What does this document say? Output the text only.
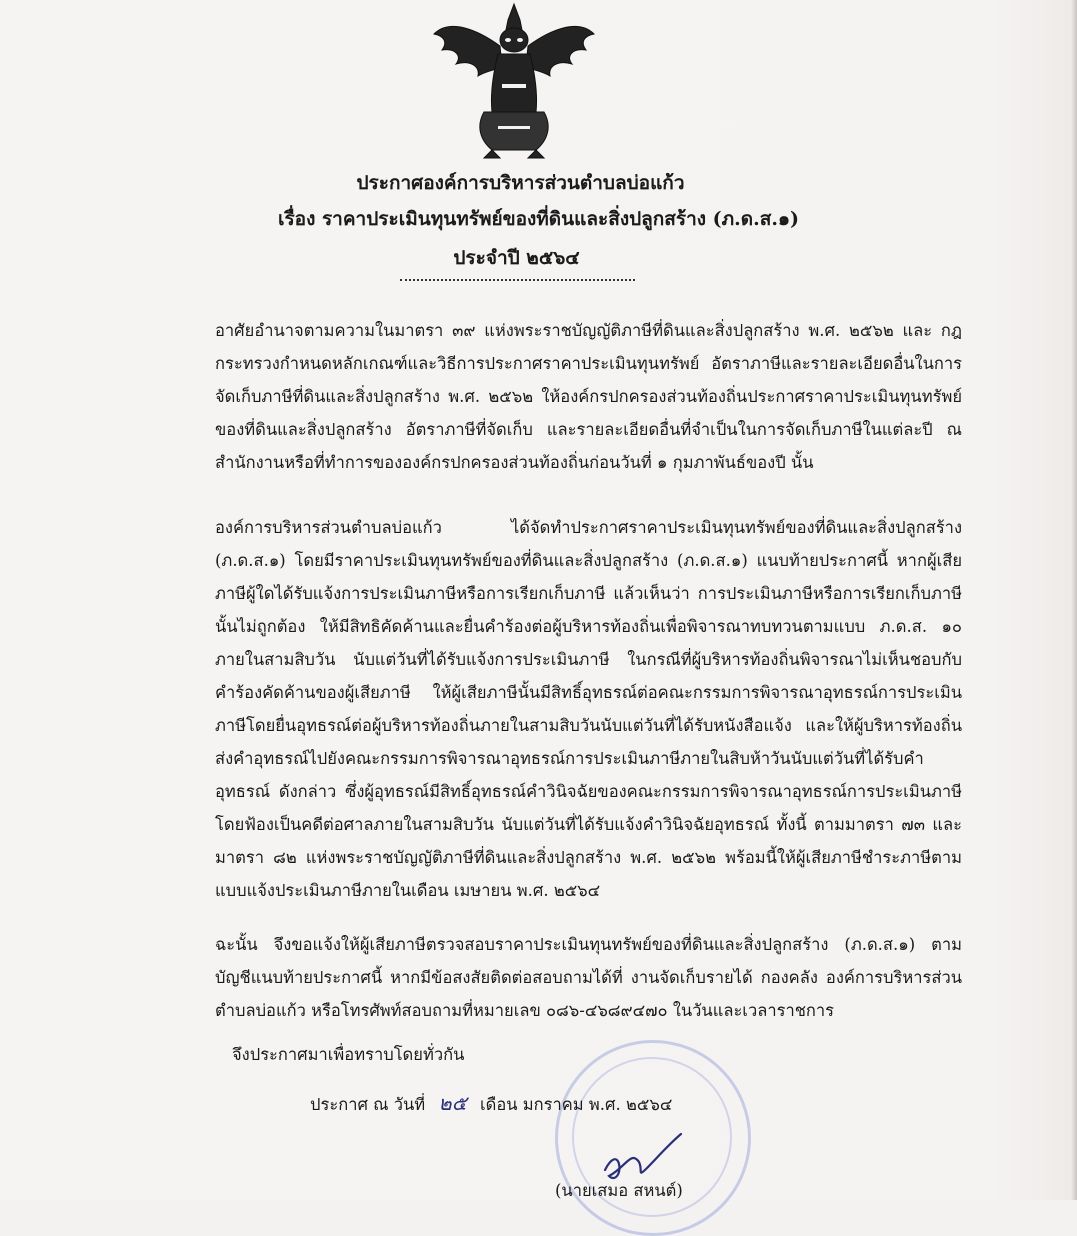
ประกาศองค์การบริหารส่วนตำบลบ่อแก้ว
เรื่อง ราคาประเมินทุนทรัพย์ของที่ดินและสิ่งปลูกสร้าง (ภ.ด.ส.๑)
ประจำปี ๒๕๖๔
อาศัยอำนาจตามความในมาตรา ๓๙ แห่งพระราชบัญญัติภาษีที่ดินและสิ่งปลูกสร้าง พ.ศ. ๒๕๖๒ และ กฎกระทรวงกำหนดหลักเกณฑ์และวิธีการประกาศราคาประเมินทุนทรัพย์ อัตราภาษีและรายละเอียดอื่นในการจัดเก็บภาษีที่ดินและสิ่งปลูกสร้าง พ.ศ. ๒๕๖๒ ให้องค์กรปกครองส่วนท้องถิ่นประกาศราคาประเมินทุนทรัพย์ของที่ดินและสิ่งปลูกสร้าง อัตราภาษีที่จัดเก็บ และรายละเอียดอื่นที่จำเป็นในการจัดเก็บภาษีในแต่ละปี ณ สำนักงานหรือที่ทำการขององค์กรปกครองส่วนท้องถิ่นก่อนวันที่ ๑ กุมภาพันธ์ของปี นั้น
องค์การบริหารส่วนตำบลบ่อแก้ว ได้จัดทำประกาศราคาประเมินทุนทรัพย์ของที่ดินและสิ่งปลูกสร้าง (ภ.ด.ส.๑) โดยมีราคาประเมินทุนทรัพย์ของที่ดินและสิ่งปลูกสร้าง (ภ.ด.ส.๑) แนบท้ายประกาศนี้ หากผู้เสียภาษีผู้ใดได้รับแจ้งการประเมินภาษีหรือการเรียกเก็บภาษี แล้วเห็นว่า การประเมินภาษีหรือการเรียกเก็บภาษีนั้นไม่ถูกต้อง ให้มีสิทธิคัดค้านและยื่นคำร้องต่อผู้บริหารท้องถิ่นเพื่อพิจารณาทบทวนตามแบบ ภ.ด.ส. ๑๐ ภายในสามสิบวัน นับแต่วันที่ได้รับแจ้งการประเมินภาษี ในกรณีที่ผู้บริหารท้องถิ่นพิจารณาไม่เห็นชอบกับคำร้องคัดค้านของผู้เสียภาษี ให้ผู้เสียภาษีนั้นมีสิทธิ์อุทธรณ์ต่อคณะกรรมการพิจารณาอุทธรณ์การประเมินภาษีโดยยื่นอุทธรณ์ต่อผู้บริหารท้องถิ่นภายในสามสิบวันนับแต่วันที่ได้รับหนังสือแจ้ง และให้ผู้บริหารท้องถิ่นส่งคำอุทธรณ์ไปยังคณะกรรมการพิจารณาอุทธรณ์การประเมินภาษีภายในสิบห้าวันนับแต่วันที่ได้รับคำอุทธรณ์ ดังกล่าว ซึ่งผู้อุทธรณ์มีสิทธิ์อุทธรณ์คำวินิจฉัยของคณะกรรมการพิจารณาอุทธรณ์การประเมินภาษี โดยฟ้องเป็นคดีต่อศาลภายในสามสิบวัน นับแต่วันที่ได้รับแจ้งคำวินิจฉัยอุทธรณ์ ทั้งนี้ ตามมาตรา ๗๓ และมาตรา ๘๒ แห่งพระราชบัญญัติภาษีที่ดินและสิ่งปลูกสร้าง พ.ศ. ๒๕๖๒ พร้อมนี้ให้ผู้เสียภาษีชำระภาษีตามแบบแจ้งประเมินภาษีภายในเดือน เมษายน พ.ศ. ๒๕๖๔
ฉะนั้น จึงขอแจ้งให้ผู้เสียภาษีตรวจสอบราคาประเมินทุนทรัพย์ของที่ดินและสิ่งปลูกสร้าง (ภ.ด.ส.๑) ตามบัญชีแนบท้ายประกาศนี้ หากมีข้อสงสัยติดต่อสอบถามได้ที่ งานจัดเก็บรายได้ กองคลัง องค์การบริหารส่วนตำบลบ่อแก้ว หรือโทรศัพท์สอบถามที่หมายเลข ๐๘๖-๔๖๘๙๔๗๐ ในวันและเวลาราชการ
จึงประกาศมาเพื่อทราบโดยทั่วกัน
ประกาศ ณ วันที่ ๒๕ เดือน มกราคม พ.ศ. ๒๕๖๔
(นายเสมอ สหนต์)
